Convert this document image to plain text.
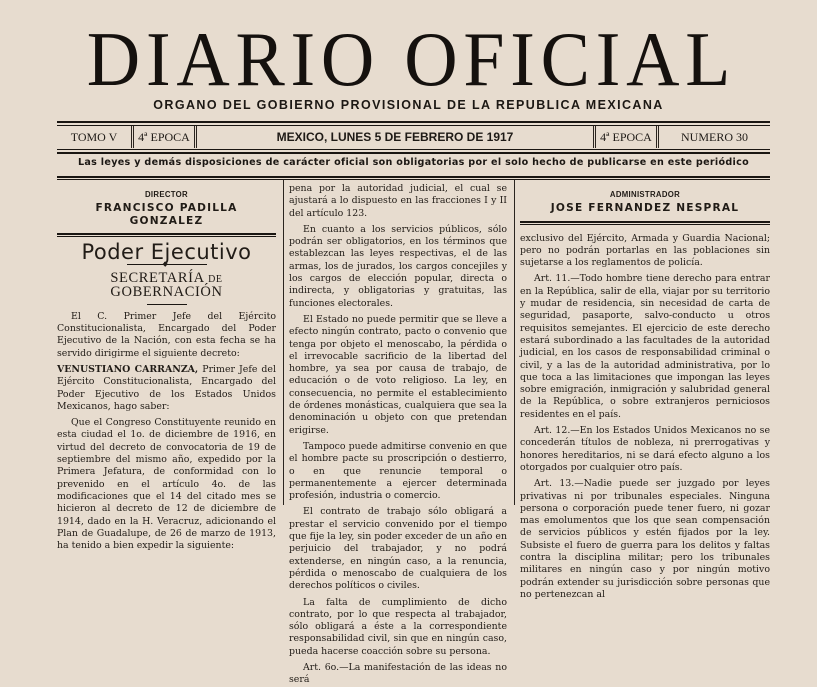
DIARIO OFICIAL
ORGANO DEL GOBIERNO PROVISIONAL DE LA REPUBLICA MEXICANA
TOMO V	4ª EPOCA	MEXICO, LUNES 5 DE FEBRERO DE 1917	4ª EPOCA	NUMERO 30
Las leyes y demás disposiciones de carácter oficial son obligatorias por el solo hecho de publicarse en este periódico
DIRECTOR
FRANCISCO PADILLA GONZALEZ
Poder Ejecutivo
◆
SECRETARÍA DE GOBERNACIÓN

El C. Primer Jefe del Ejército Constitucionalista, Encargado del Poder Ejecutivo de la Nación, con esta fecha se ha servido dirigirme el siguiente decreto:

VENUSTIANO CARRANZA, Primer Jefe del Ejército Constitucionalista, Encargado del Poder Ejecutivo de los Estados Unidos Mexicanos, hago saber:

Que el Congreso Constituyente reunido en esta ciudad el 1o. de diciembre de 1916, en virtud del decreto de convocatoria de 19 de septiembre del mismo año, expedido por la Primera Jefatura, de conformidad con lo prevenido en el artículo 4o. de las modificaciones que el 14 del citado mes se hicieron al decreto de 12 de diciembre de 1914, dado en la H. Veracruz, adicionando el Plan de Guadalupe, de 26 de marzo de 1913, ha tenido a bien expedir la siguiente:

pena por la autoridad judicial, el cual se ajustará a lo dispuesto en las fracciones I y II del artículo 123.

En cuanto a los servicios públicos, sólo podrán ser obligatorios, en los términos que establezcan las leyes respectivas, el de las armas, los de jurados, los cargos concejiles y los cargos de elección popular, directa o indirecta, y obligatorias y gratuitas, las funciones electorales.

El Estado no puede permitir que se lleve a efecto ningún contrato, pacto o convenio que tenga por objeto el menoscabo, la pérdida o el irrevocable sacrificio de la libertad del hombre, ya sea por causa de trabajo, de educación o de voto religioso. La ley, en consecuencia, no permite el establecimiento de órdenes monásticas, cualquiera que sea la denominación u objeto con que pretendan erigirse.

Tampoco puede admitirse convenio en que el hombre pacte su proscripción o destierro, o en que renuncie temporal o permanentemente a ejercer determinada profesión, industria o comercio.

El contrato de trabajo sólo obligará a prestar el servicio convenido por el tiempo que fije la ley, sin poder exceder de un año en perjuicio del trabajador, y no podrá extenderse, en ningún caso, a la renuncia, pérdida o menoscabo de cualquiera de los derechos políticos o civiles.

La falta de cumplimiento de dicho contrato, por lo que respecta al trabajador, sólo obligará a éste a la correspondiente responsabilidad civil, sin que en ningún caso, pueda hacerse coacción sobre su persona.

Art. 6o.—La manifestación de las ideas no será

ADMINISTRADOR
JOSE FERNANDEZ NESPRAL

exclusivo del Ejército, Armada y Guardia Nacional; pero no podrán portarlas en las poblaciones sin sujetarse a los reglamentos de policía.

Art. 11.—Todo hombre tiene derecho para entrar en la República, salir de ella, viajar por su territorio y mudar de residencia, sin necesidad de carta de seguridad, pasaporte, salvo-conducto u otros requisitos semejantes. El ejercicio de este derecho estará subordinado a las facultades de la autoridad judicial, en los casos de responsabilidad criminal o civil, y a las de la autoridad administrativa, por lo que toca a las limitaciones que impongan las leyes sobre emigración, inmigración y salubridad general de la República, o sobre extranjeros perniciosos residentes en el país.

Art. 12.—En los Estados Unidos Mexicanos no se concederán títulos de nobleza, ni prerrogativas y honores hereditarios, ni se dará efecto alguno a los otorgados por cualquier otro país.

Art. 13.—Nadie puede ser juzgado por leyes privativas ni por tribunales especiales. Ninguna persona o corporación puede tener fuero, ni gozar mas emolumentos que los que sean compensación de servicios públicos y estén fijados por la ley. Subsiste el fuero de guerra para los delitos y faltas contra la disciplina militar; pero los tribunales militares en ningún caso y por ningún motivo podrán extender su jurisdicción sobre personas que no pertenezcan al
